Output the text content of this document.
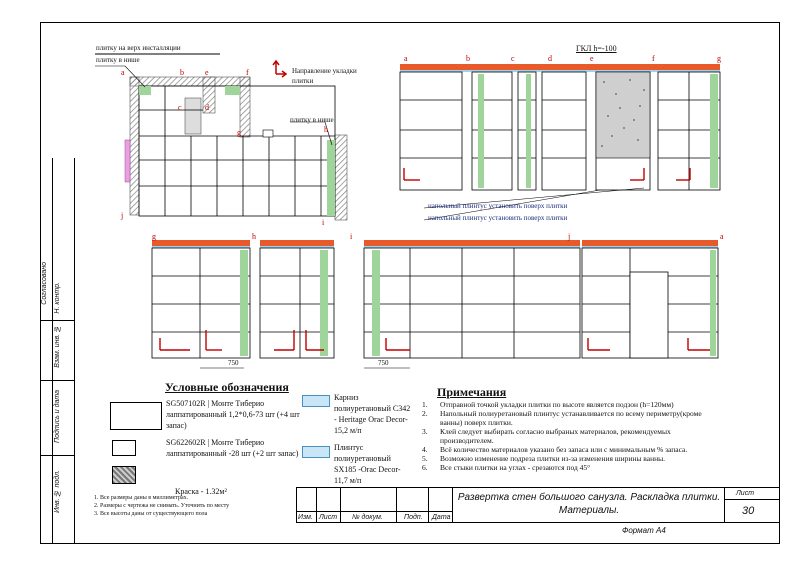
Согласовано Н. контр.
Взам. инв. №
Подпись и дата
Инв. № подл.
плитку на верх инсталляции
плитку в нише
плитку в нише
Направление укладки плитки
a	b
c	d
e	f
g	h
i
j
ГКЛ h=-100
a	b	c	d	e	f	g
напольный плинтус установить поверх плитки
напольный плинтус установить поверх плитки
g	h	i	j	a
750	750
Условные обозначения
SG507102R | Монте Тиберио лаппатированный 1,2*0,6-73 шт (+4 шт запас)
SG622602R | Монте Тиберио лаппатированный -28 шт (+2 шт запас)
Краска - 1.32м²
Карниз полиуретановый С342 - Heritage Orac Decor- 15,2 м/п
Плинтус полиуретановый SX185 -Orac Decor- 11,7 м/п
1. Все размеры даны в миллиметрах.
2. Размеры с чертежа не снимать. Уточнить по месту
3. Все высоты даны от существующего пола
Примечания
1.	Отправной точкой укладки плитки по высоте является подзон (h=120мм)
2.	Напольный полиуретановый плинтус устанавливается по всему периметру(кроме ванны) поверх плитки.
3.	Клей следует выбирать согласно выбраных материалов, рекомендуемых производителем.
4.	Всё количество материалов указано без запаса или с минимальным % запаса.
5.	Возможно изменение подреза плитки из-за изменения ширины ванны.
6.	Все стыки плитки на углах - срезаются под 45°
Изм. Лист № докум.	Подп. Дата
Развертка стен большого санузла. Раскладка плитки. Материалы.
Лист
30
Формат А4
